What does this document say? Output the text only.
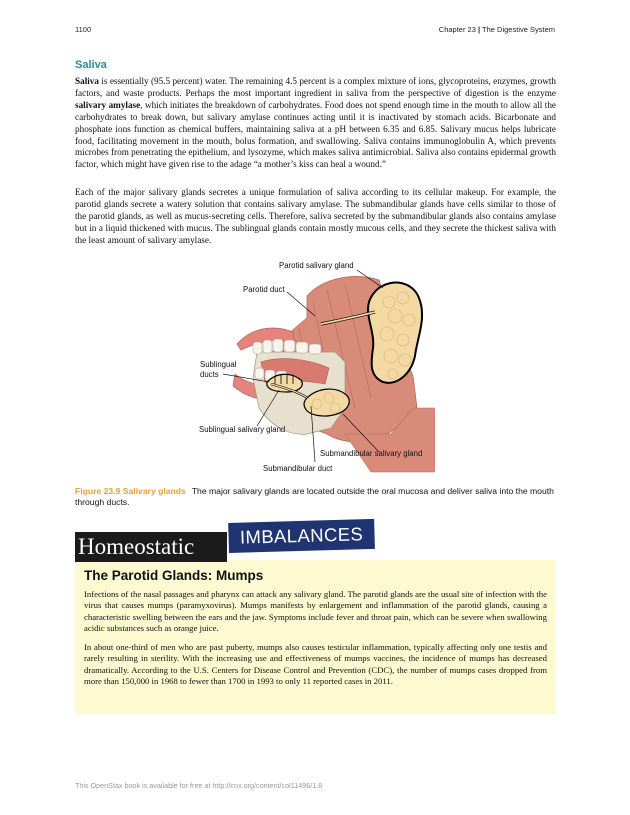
1100	Chapter 23 | The Digestive System
Saliva

Saliva is essentially (95.5 percent) water. The remaining 4.5 percent is a complex mixture of ions, glycoproteins, enzymes, growth factors, and waste products. Perhaps the most important ingredient in saliva from the perspective of digestion is the enzyme salivary amylase, which initiates the breakdown of carbohydrates. Food does not spend enough time in the mouth to allow all the carbohydrates to break down, but salivary amylase continues acting until it is inactivated by stomach acids. Bicarbonate and phosphate ions function as chemical buffers, maintaining saliva at a pH between 6.35 and 6.85. Salivary mucus helps lubricate food, facilitating movement in the mouth, bolus formation, and swallowing. Saliva contains immunoglobulin A, which prevents microbes from penetrating the epithelium, and lysozyme, which makes saliva antimicrobial. Saliva also contains epidermal growth factor, which might have given rise to the adage “a mother’s kiss can heal a wound.”

Each of the major salivary glands secretes a unique formulation of saliva according to its cellular makeup. For example, the parotid glands secrete a watery solution that contains salivary amylase. The submandibular glands have cells similar to those of the parotid glands, as well as mucus-secreting cells. Therefore, saliva secreted by the submandibular glands also contains amylase but in a liquid thickened with mucus. The sublingual glands contain mostly mucous cells, and they secrete the thickest saliva with the least amount of salivary amylase.

Parotid salivary gland
Parotid duct
Sublingual
ducts
Sublingual salivary gland
Submandibular salivary gland
Submandibular duct

Figure 23.9 Salivary glands The major salivary glands are located outside the oral mucosa and deliver saliva into the mouth through ducts.

IMBALANCES
Homeostatic
The Parotid Glands: Mumps

Infections of the nasal passages and pharynx can attack any salivary gland. The parotid glands are the usual site of infection with the virus that causes mumps (paramyxovirus). Mumps manifests by enlargement and inflammation of the parotid glands, causing a characteristic swelling between the ears and the jaw. Symptoms include fever and throat pain, which can be severe when swallowing acidic substances such as orange juice.

In about one-third of men who are past puberty, mumps also causes testicular inflammation, typically affecting only one testis and rarely resulting in sterility. With the increasing use and effectiveness of mumps vaccines, the incidence of mumps has decreased dramatically. According to the U.S. Centers for Disease Control and Prevention (CDC), the number of mumps cases dropped from more than 150,000 in 1968 to fewer than 1700 in 1993 to only 11 reported cases in 2011.

This OpenStax book is available for free at http://cnx.org/content/col11496/1.8
